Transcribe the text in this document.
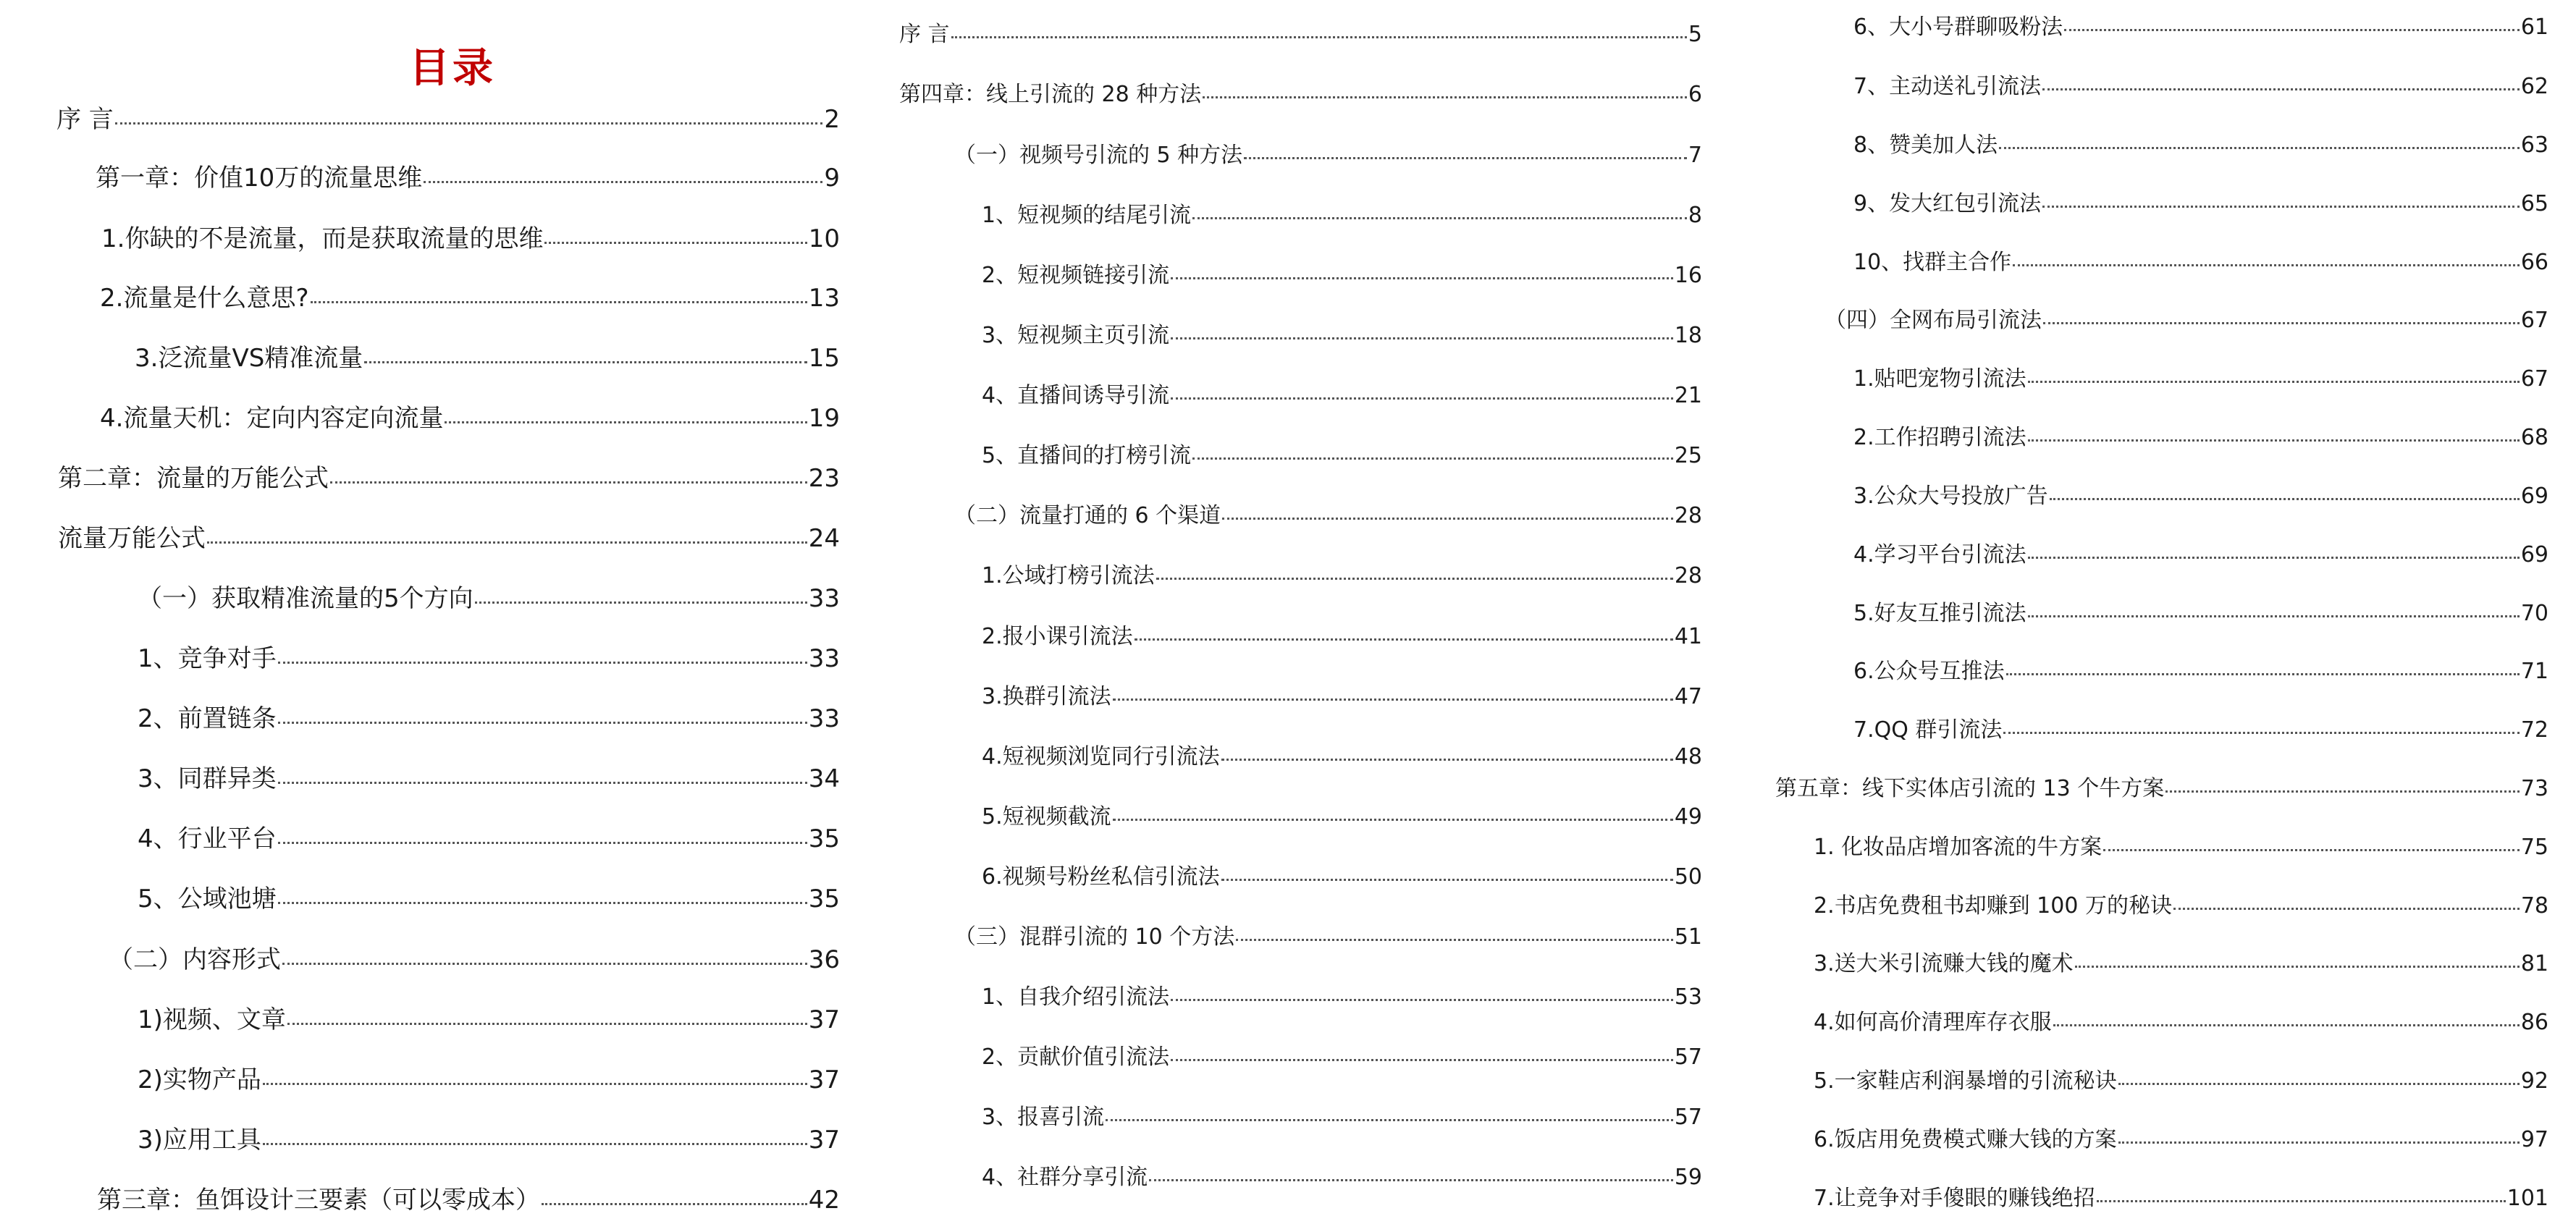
目录
序 言	2
第一章：价值10万的流量思维	9
1.你缺的不是流量，而是获取流量的思维	10
2.流量是什么意思?	13
3.泛流量VS精准流量	15
4.流量天机：定向内容定向流量	19
第二章：流量的万能公式	23
流量万能公式	24
（一）获取精准流量的5个方向	33
1、竞争对手	33
2、前置链条	33
3、同群异类	34
4、行业平台	35
5、公域池塘	35
（二）内容形式	36
1)视频、文章	37
2)实物产品	37
3)应用工具	37
第三章：鱼饵设计三要素（可以零成本）	42
序 言	5
第四章：线上引流的 28 种方法	6
（一）视频号引流的 5 种方法	7
1、短视频的结尾引流	8
2、短视频链接引流	16
3、短视频主页引流	18
4、直播间诱导引流	21
5、直播间的打榜引流	25
（二）流量打通的 6 个渠道	28
1.公域打榜引流法	28
2.报小课引流法	41
3.换群引流法	47
4.短视频浏览同行引流法	48
5.短视频截流	49
6.视频号粉丝私信引流法	50
（三）混群引流的 10 个方法	51
1、自我介绍引流法	53
2、贡献价值引流法	57
3、报喜引流	57
4、社群分享引流	59
6、大小号群聊吸粉法	61
7、主动送礼引流法	62
8、赞美加人法	63
9、发大红包引流法	65
10、找群主合作	66
（四）全网布局引流法	67
1.贴吧宠物引流法	67
2.工作招聘引流法	68
3.公众大号投放广告	69
4.学习平台引流法	69
5.好友互推引流法	70
6.公众号互推法	71
7.QQ 群引流法	72
第五章：线下实体店引流的 13 个牛方案	73
1. 化妆品店增加客流的牛方案	75
2.书店免费租书却赚到 100 万的秘诀	78
3.送大米引流赚大钱的魔术	81
4.如何高价清理库存衣服	86
5.一家鞋店利润暴增的引流秘诀	92
6.饭店用免费模式赚大钱的方案	97
7.让竞争对手傻眼的赚钱绝招	101
